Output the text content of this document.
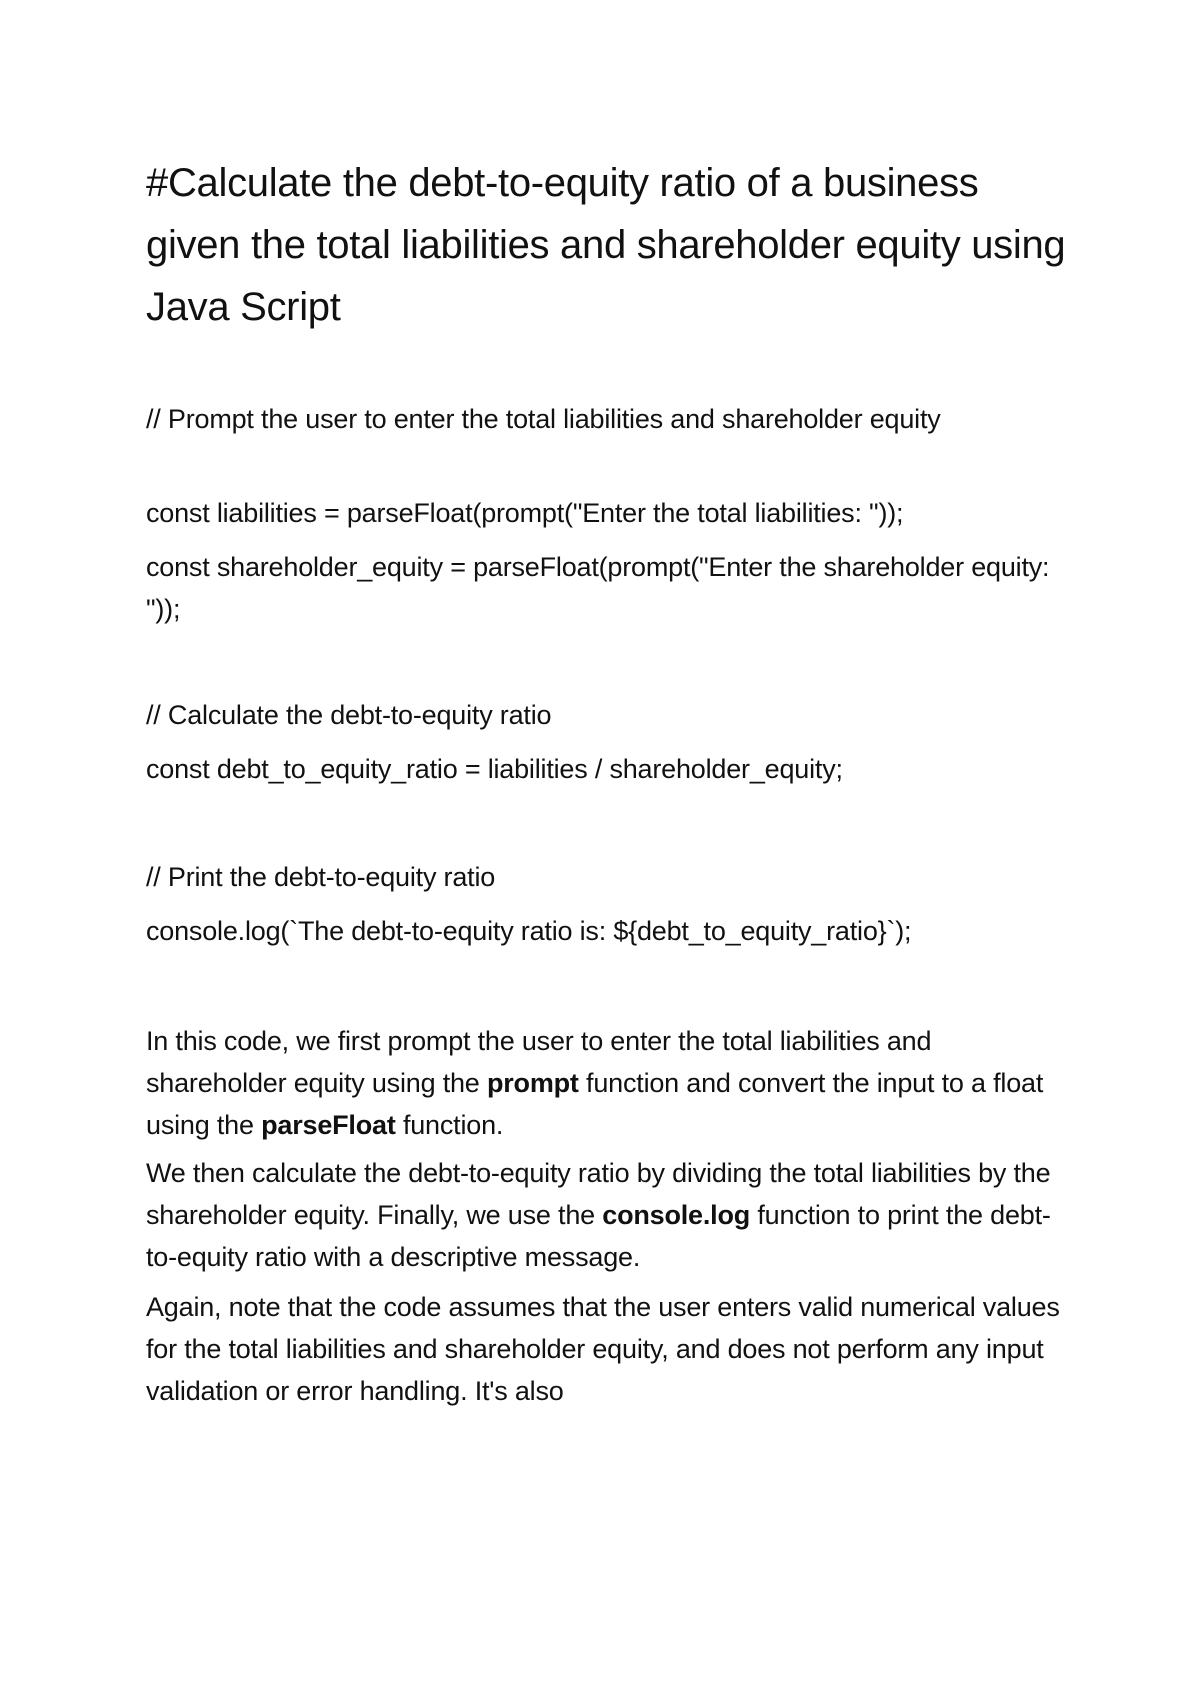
#Calculate the debt-to-equity ratio of a business given the total liabilities and shareholder equity using Java Script

// Prompt the user to enter the total liabilities and shareholder equity

const liabilities = parseFloat(prompt("Enter the total liabilities: "));

const shareholder_equity = parseFloat(prompt("Enter the shareholder equity: "));

// Calculate the debt-to-equity ratio

const debt_to_equity_ratio = liabilities / shareholder_equity;

// Print the debt-to-equity ratio

console.log(`The debt-to-equity ratio is: ${debt_to_equity_ratio}`);

In this code, we first prompt the user to enter the total liabilities and shareholder equity using the prompt function and convert the input to a float using the parseFloat function.

We then calculate the debt-to-equity ratio by dividing the total liabilities by the shareholder equity. Finally, we use the console.log function to print the debt-to-equity ratio with a descriptive message.

Again, note that the code assumes that the user enters valid numerical values for the total liabilities and shareholder equity, and does not perform any input validation or error handling. It's also
